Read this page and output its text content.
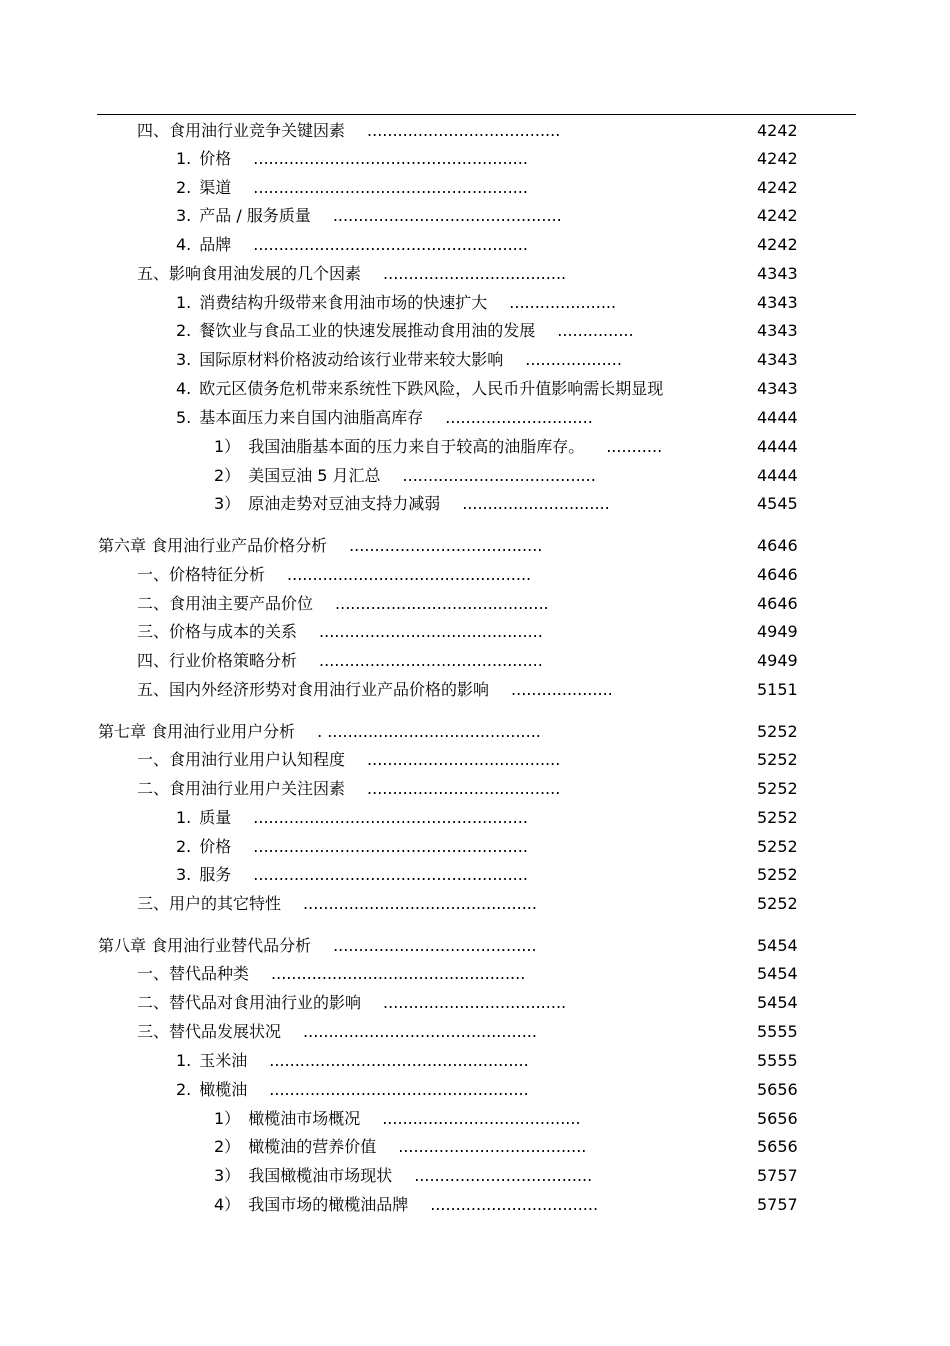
四、食用油行业竞争关键因素 ......................................	4242
1. 价格 ......................................................	4242
2. 渠道 ......................................................	4242
3. 产品 / 服务质量 .............................................	4242
4. 品牌 ......................................................	4242
五、影响食用油发展的几个因素 ....................................	4343
1. 消费结构升级带来食用油市场的快速扩大 .....................	4343
2. 餐饮业与食品工业的快速发展推动食用油的发展 ...............	4343
3. 国际原材料价格波动给该行业带来较大影响 ...................	4343
4. 欧元区债务危机带来系统性下跌风险，人民币升值影响需长期显现	4343
5. 基本面压力来自国内油脂高库存 .............................	4444
1） 我国油脂基本面的压力来自于较高的油脂库存。 ...........	4444
2） 美国豆油 5 月汇总 ......................................	4444
3） 原油走势对豆油支持力减弱 .............................	4545
第六章 食用油行业产品价格分析 ......................................	4646
一、价格特征分析 ................................................	4646
二、食用油主要产品价位 ..........................................	4646
三、价格与成本的关系 ............................................	4949
四、行业价格策略分析 ............................................	4949
五、国内外经济形势对食用油行业产品价格的影响 ....................	5151
第七章 食用油行业用户分析 . ..........................................	5252
一、食用油行业用户认知程度 ......................................	5252
二、食用油行业用户关注因素 ......................................	5252
1. 质量 ......................................................	5252
2. 价格 ......................................................	5252
3. 服务 ......................................................	5252
三、用户的其它特性 ..............................................	5252
第八章 食用油行业替代品分析 ........................................	5454
一、替代品种类 ..................................................	5454
二、替代品对食用油行业的影响 ....................................	5454
三、替代品发展状况 ..............................................	5555
1. 玉米油 ...................................................	5555
2. 橄榄油 ...................................................	5656
1） 橄榄油市场概况 .......................................	5656
2） 橄榄油的营养价值 .....................................	5656
3） 我国橄榄油市场现状 ...................................	5757
4） 我国市场的橄榄油品牌 .................................	5757
